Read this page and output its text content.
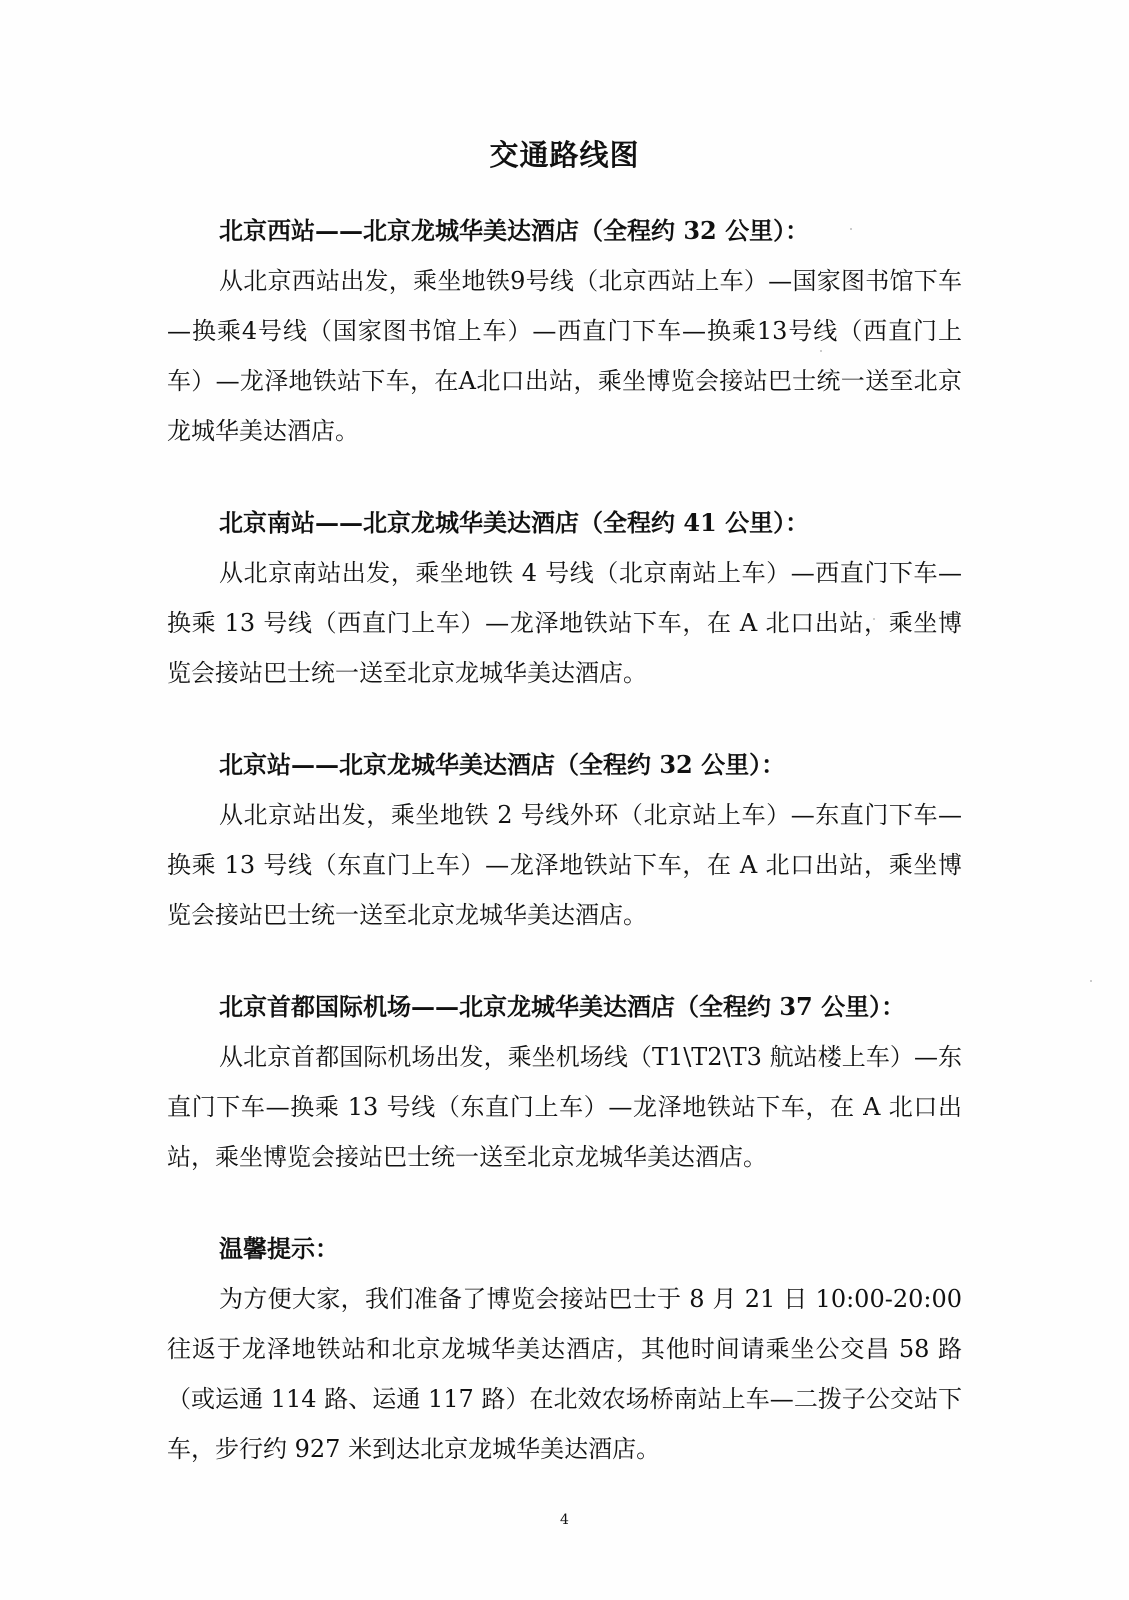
交通路线图
北京西站——北京龙城华美达酒店（全程约 32 公里）：

从北京西站出发，乘坐地铁9号线（北京西站上车）—国家图书馆下车—换乘4号线（国家图书馆上车）—西直门下车—换乘13号线（西直门上车）—龙泽地铁站下车，在A北口出站，乘坐博览会接站巴士统一送至北京龙城华美达酒店。

北京南站——北京龙城华美达酒店（全程约 41 公里）：

从北京南站出发，乘坐地铁 4 号线（北京南站上车）—西直门下车—换乘 13 号线（西直门上车）—龙泽地铁站下车，在 A 北口出站，乘坐博览会接站巴士统一送至北京龙城华美达酒店。

北京站——北京龙城华美达酒店（全程约 32 公里）：

从北京站出发，乘坐地铁 2 号线外环（北京站上车）—东直门下车—换乘 13 号线（东直门上车）—龙泽地铁站下车，在 A 北口出站，乘坐博览会接站巴士统一送至北京龙城华美达酒店。

北京首都国际机场——北京龙城华美达酒店（全程约 37 公里）：

从北京首都国际机场出发，乘坐机场线（T1\T2\T3 航站楼上车）—东直门下车—换乘 13 号线（东直门上车）—龙泽地铁站下车，在 A 北口出站，乘坐博览会接站巴士统一送至北京龙城华美达酒店。

温馨提示：

为方便大家，我们准备了博览会接站巴士于 8 月 21 日 10:00-20:00 往返于龙泽地铁站和北京龙城华美达酒店，其他时间请乘坐公交昌 58 路（或运通 114 路、运通 117 路）在北效农场桥南站上车—二拨子公交站下车，步行约 927 米到达北京龙城华美达酒店。

4
